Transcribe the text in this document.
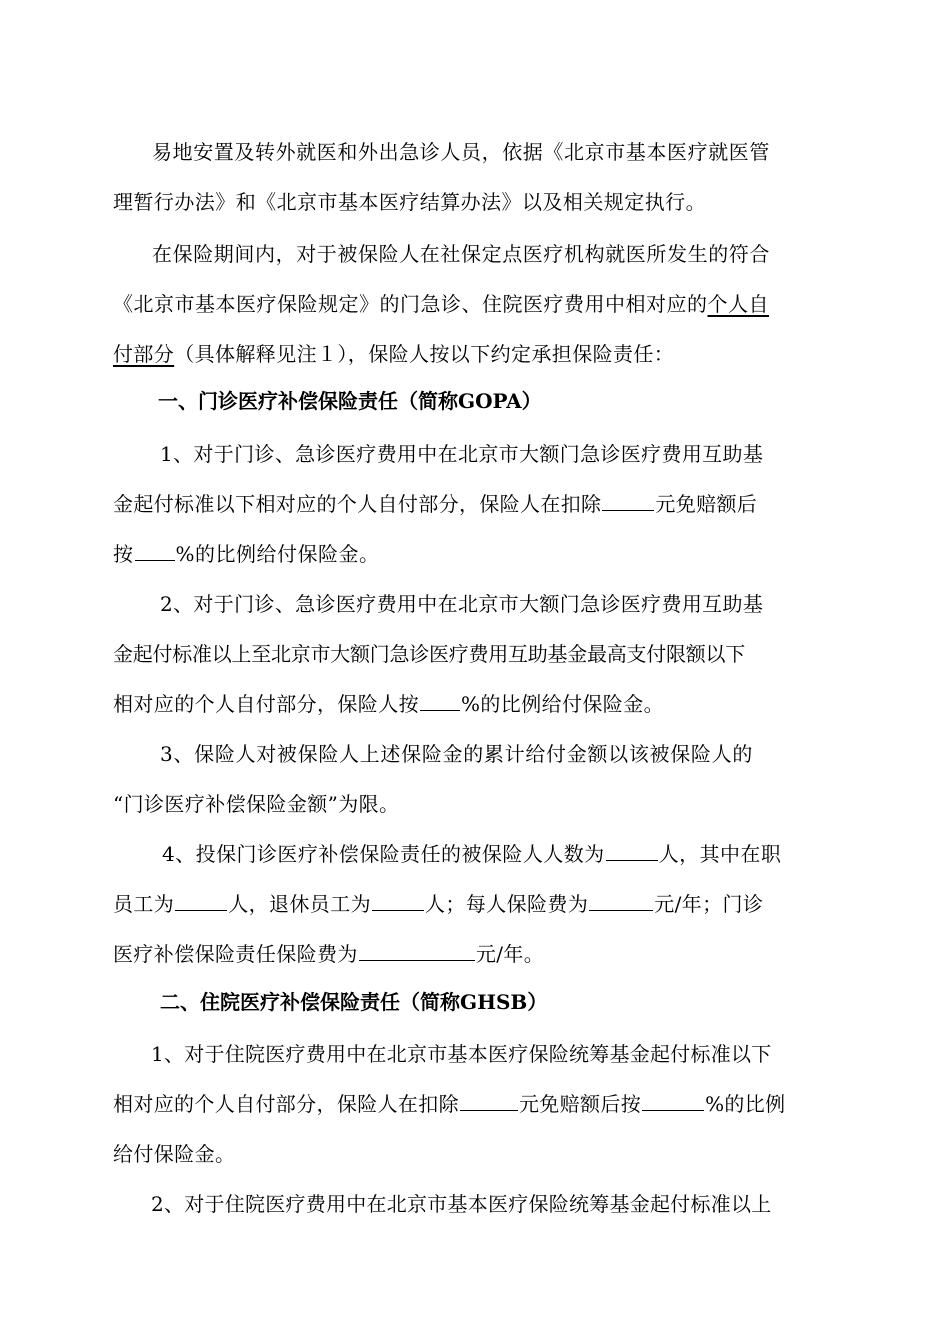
易地安置及转外就医和外出急诊人员，依据《北京市基本医疗就医管
理暂行办法》和《北京市基本医疗结算办法》以及相关规定执行。
在保险期间内，对于被保险人在社保定点医疗机构就医所发生的符合
《北京市基本医疗保险规定》的门急诊、住院医疗费用中相对应的个人自
付部分（具体解释见注１），保险人按以下约定承担保险责任：
一、门诊医疗补偿保险责任（简称GOPA）
1、对于门诊、急诊医疗费用中在北京市大额门急诊医疗费用互助基
金起付标准以下相对应的个人自付部分，保险人在扣除	元免赔额后
按 %的比例给付保险金。
2、对于门诊、急诊医疗费用中在北京市大额门急诊医疗费用互助基
金起付标准以上至北京市大额门急诊医疗费用互助基金最高支付限额以下
相对应的个人自付部分，保险人按 %的比例给付保险金。
3、保险人对被保险人上述保险金的累计给付金额以该被保险人的
“门诊医疗补偿保险金额”为限。
4、投保门诊医疗补偿保险责任的被保险人人数为	人，其中在职
员工为	人，退休员工为	人；每人保险费为	元/年；门诊
医疗补偿保险责任保险费为	元/年。
二、住院医疗补偿保险责任（简称GHSB）
1、对于住院医疗费用中在北京市基本医疗保险统筹基金起付标准以下
相对应的个人自付部分，保险人在扣除	元免赔额后按	%的比例
给付保险金。
2、对于住院医疗费用中在北京市基本医疗保险统筹基金起付标准以上
